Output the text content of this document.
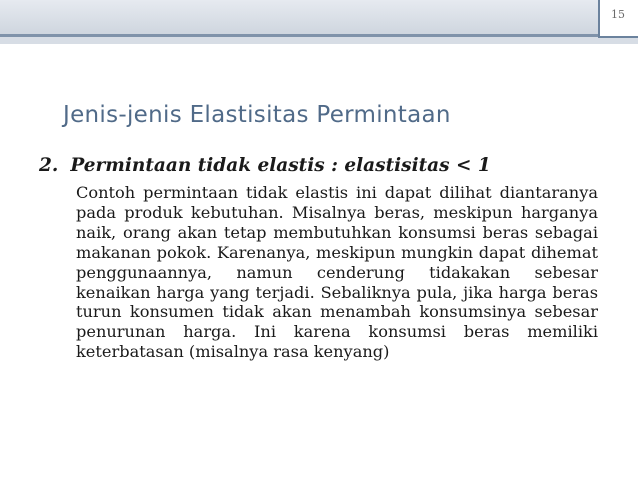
15
Jenis-jenis Elastisitas Permintaan
2. Permintaan tidak elastis : elastisitas < 1
Contoh permintaan tidak elastis ini dapat dilihat diantaranya pada produk kebutuhan. Misalnya beras, meskipun harganya naik, orang akan tetap membutuhkan konsumsi beras sebagai makanan pokok. Karenanya, meskipun mungkin dapat dihemat penggunaannya, namun cenderung tidakakan sebesar kenaikan harga yang terjadi. Sebaliknya pula, jika harga beras turun konsumen tidak akan menambah konsumsinya sebesar penurunan harga. Ini karena konsumsi beras memiliki keterbatasan (misalnya rasa kenyang)
